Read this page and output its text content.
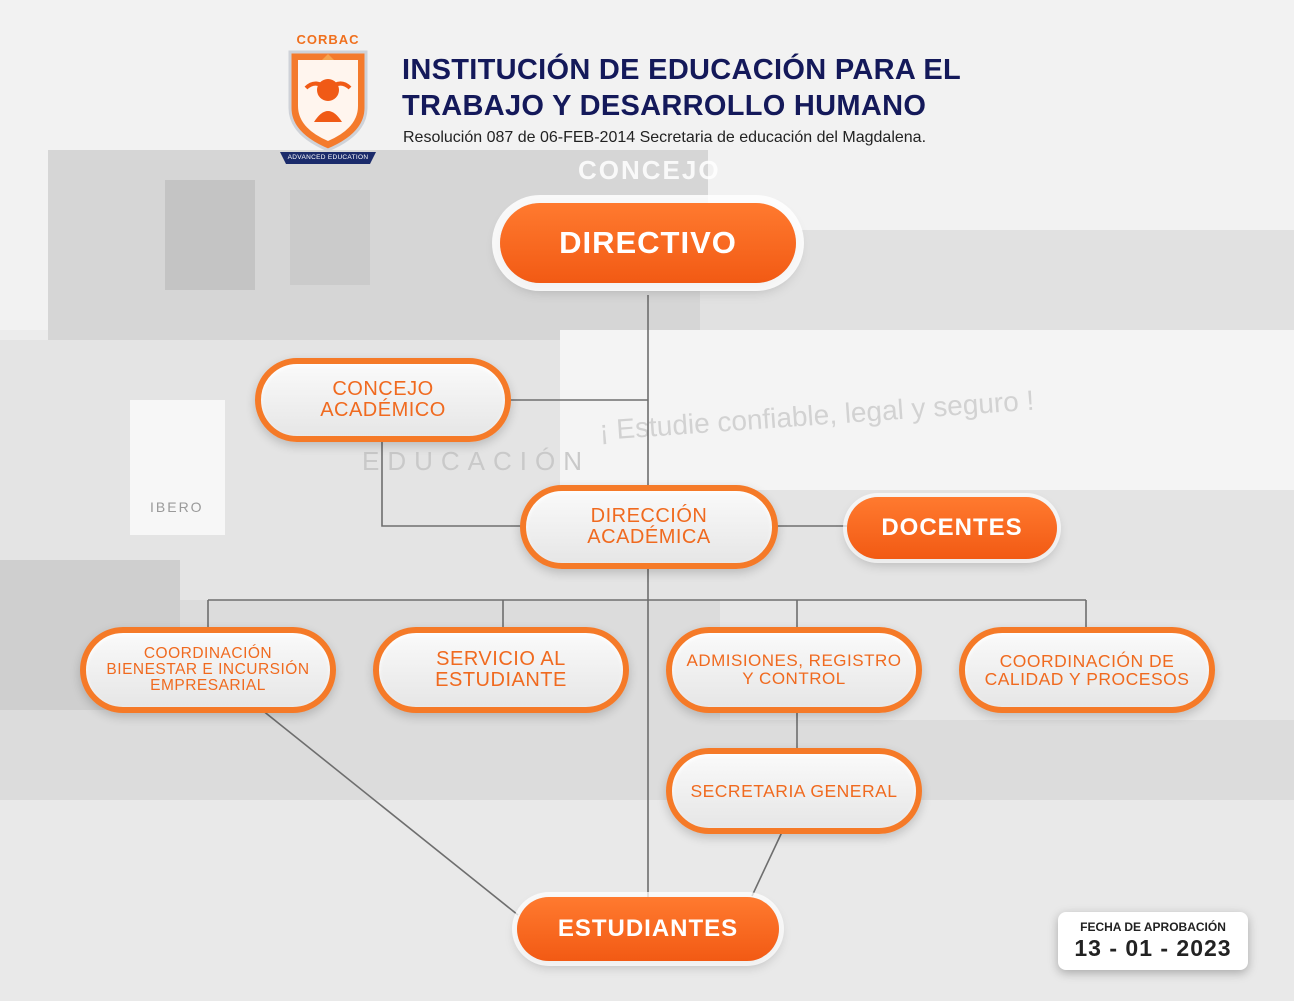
EDUCACIÓN
IBERO
¡ Estudie confiable, legal y seguro !
CONCEJO
CORBAC
ADVANCED EDUCATION
INSTITUCIÓN DE EDUCACIÓN PARA EL
TRABAJO Y DESARROLLO HUMANO
Resolución 087 de 06-FEB-2014 Secretaria de educación del Magdalena.
DIRECTIVO
CONCEJO
ACADÉMICO
DIRECCIÓN
ACADÉMICA	DOCENTES
COORDINACIÓN
BIENESTAR E INCURSIÓN
EMPRESARIAL
SERVICIO AL
ESTUDIANTE
ADMISIONES, REGISTRO
Y CONTROL
COORDINACIÓN DE
CALIDAD Y PROCESOS
SECRETARIA GENERAL
ESTUDIANTES	FECHA DE APROBACIÓN
13 - 01 - 2023
